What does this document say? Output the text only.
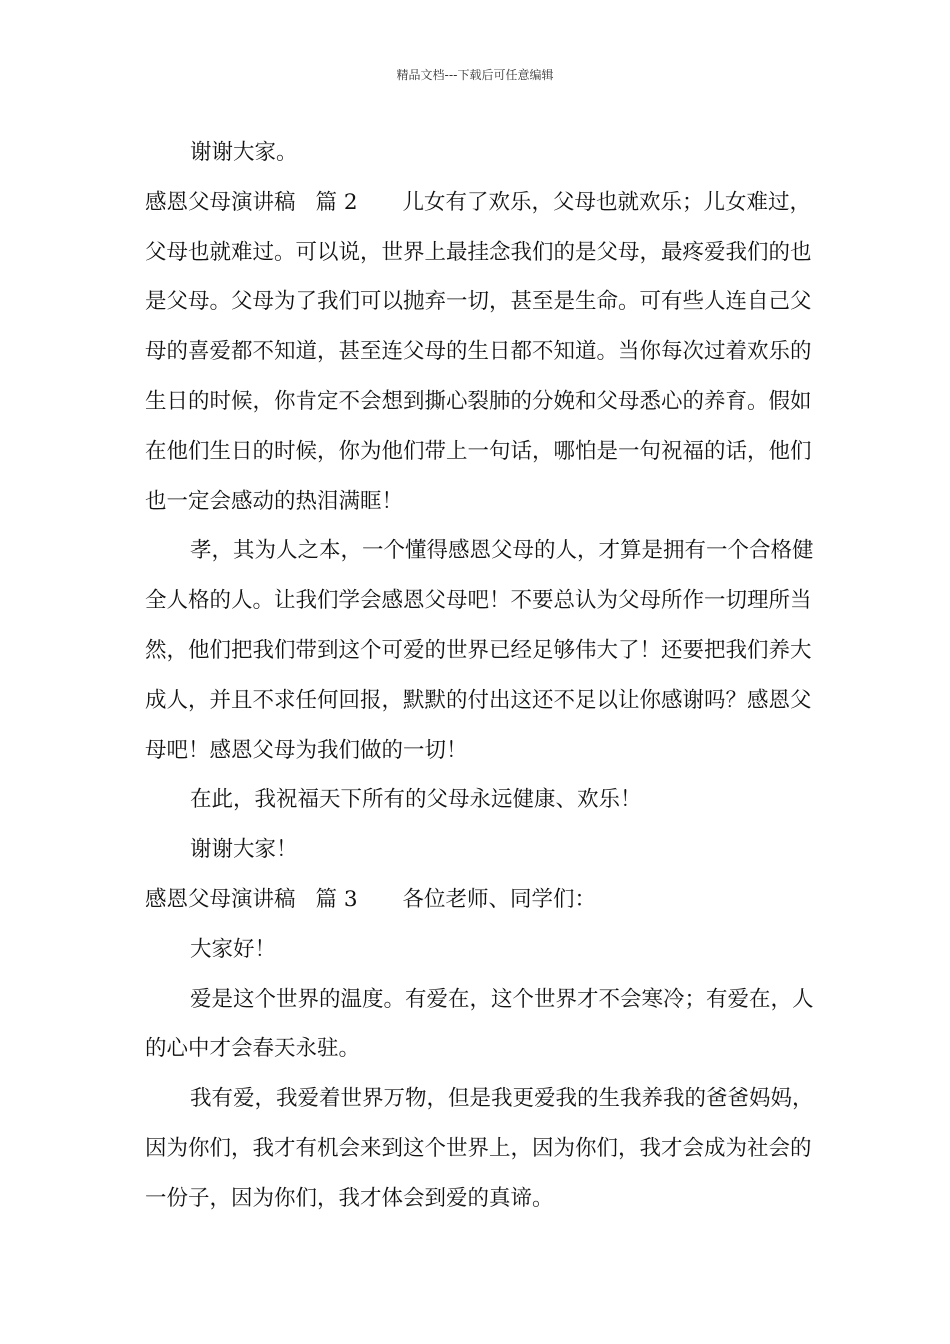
精品文档---下载后可任意编辑

谢谢大家。

感恩父母演讲稿 篇 2 儿女有了欢乐，父母也就欢乐；儿女难过，父母也就难过。可以说，世界上最挂念我们的是父母，最疼爱我们的也是父母。父母为了我们可以抛弃一切，甚至是生命。可有些人连自己父母的喜爱都不知道，甚至连父母的生日都不知道。当你每次过着欢乐的生日的时候，你肯定不会想到撕心裂肺的分娩和父母悉心的养育。假如在他们生日的时候，你为他们带上一句话，哪怕是一句祝福的话，他们也一定会感动的热泪满眶！

孝，其为人之本，一个懂得感恩父母的人，才算是拥有一个合格健全人格的人。让我们学会感恩父母吧！不要总认为父母所作一切理所当然，他们把我们带到这个可爱的世界已经足够伟大了！还要把我们养大成人，并且不求任何回报，默默的付出这还不足以让你感谢吗？感恩父母吧！感恩父母为我们做的一切！

在此，我祝福天下所有的父母永远健康、欢乐！

谢谢大家！

感恩父母演讲稿 篇 3 各位老师、同学们：

大家好！

爱是这个世界的温度。有爱在，这个世界才不会寒冷；有爱在，人的心中才会春天永驻。

我有爱，我爱着世界万物，但是我更爱我的生我养我的爸爸妈妈，因为你们，我才有机会来到这个世界上，因为你们，我才会成为社会的一份子，因为你们，我才体会到爱的真谛。
